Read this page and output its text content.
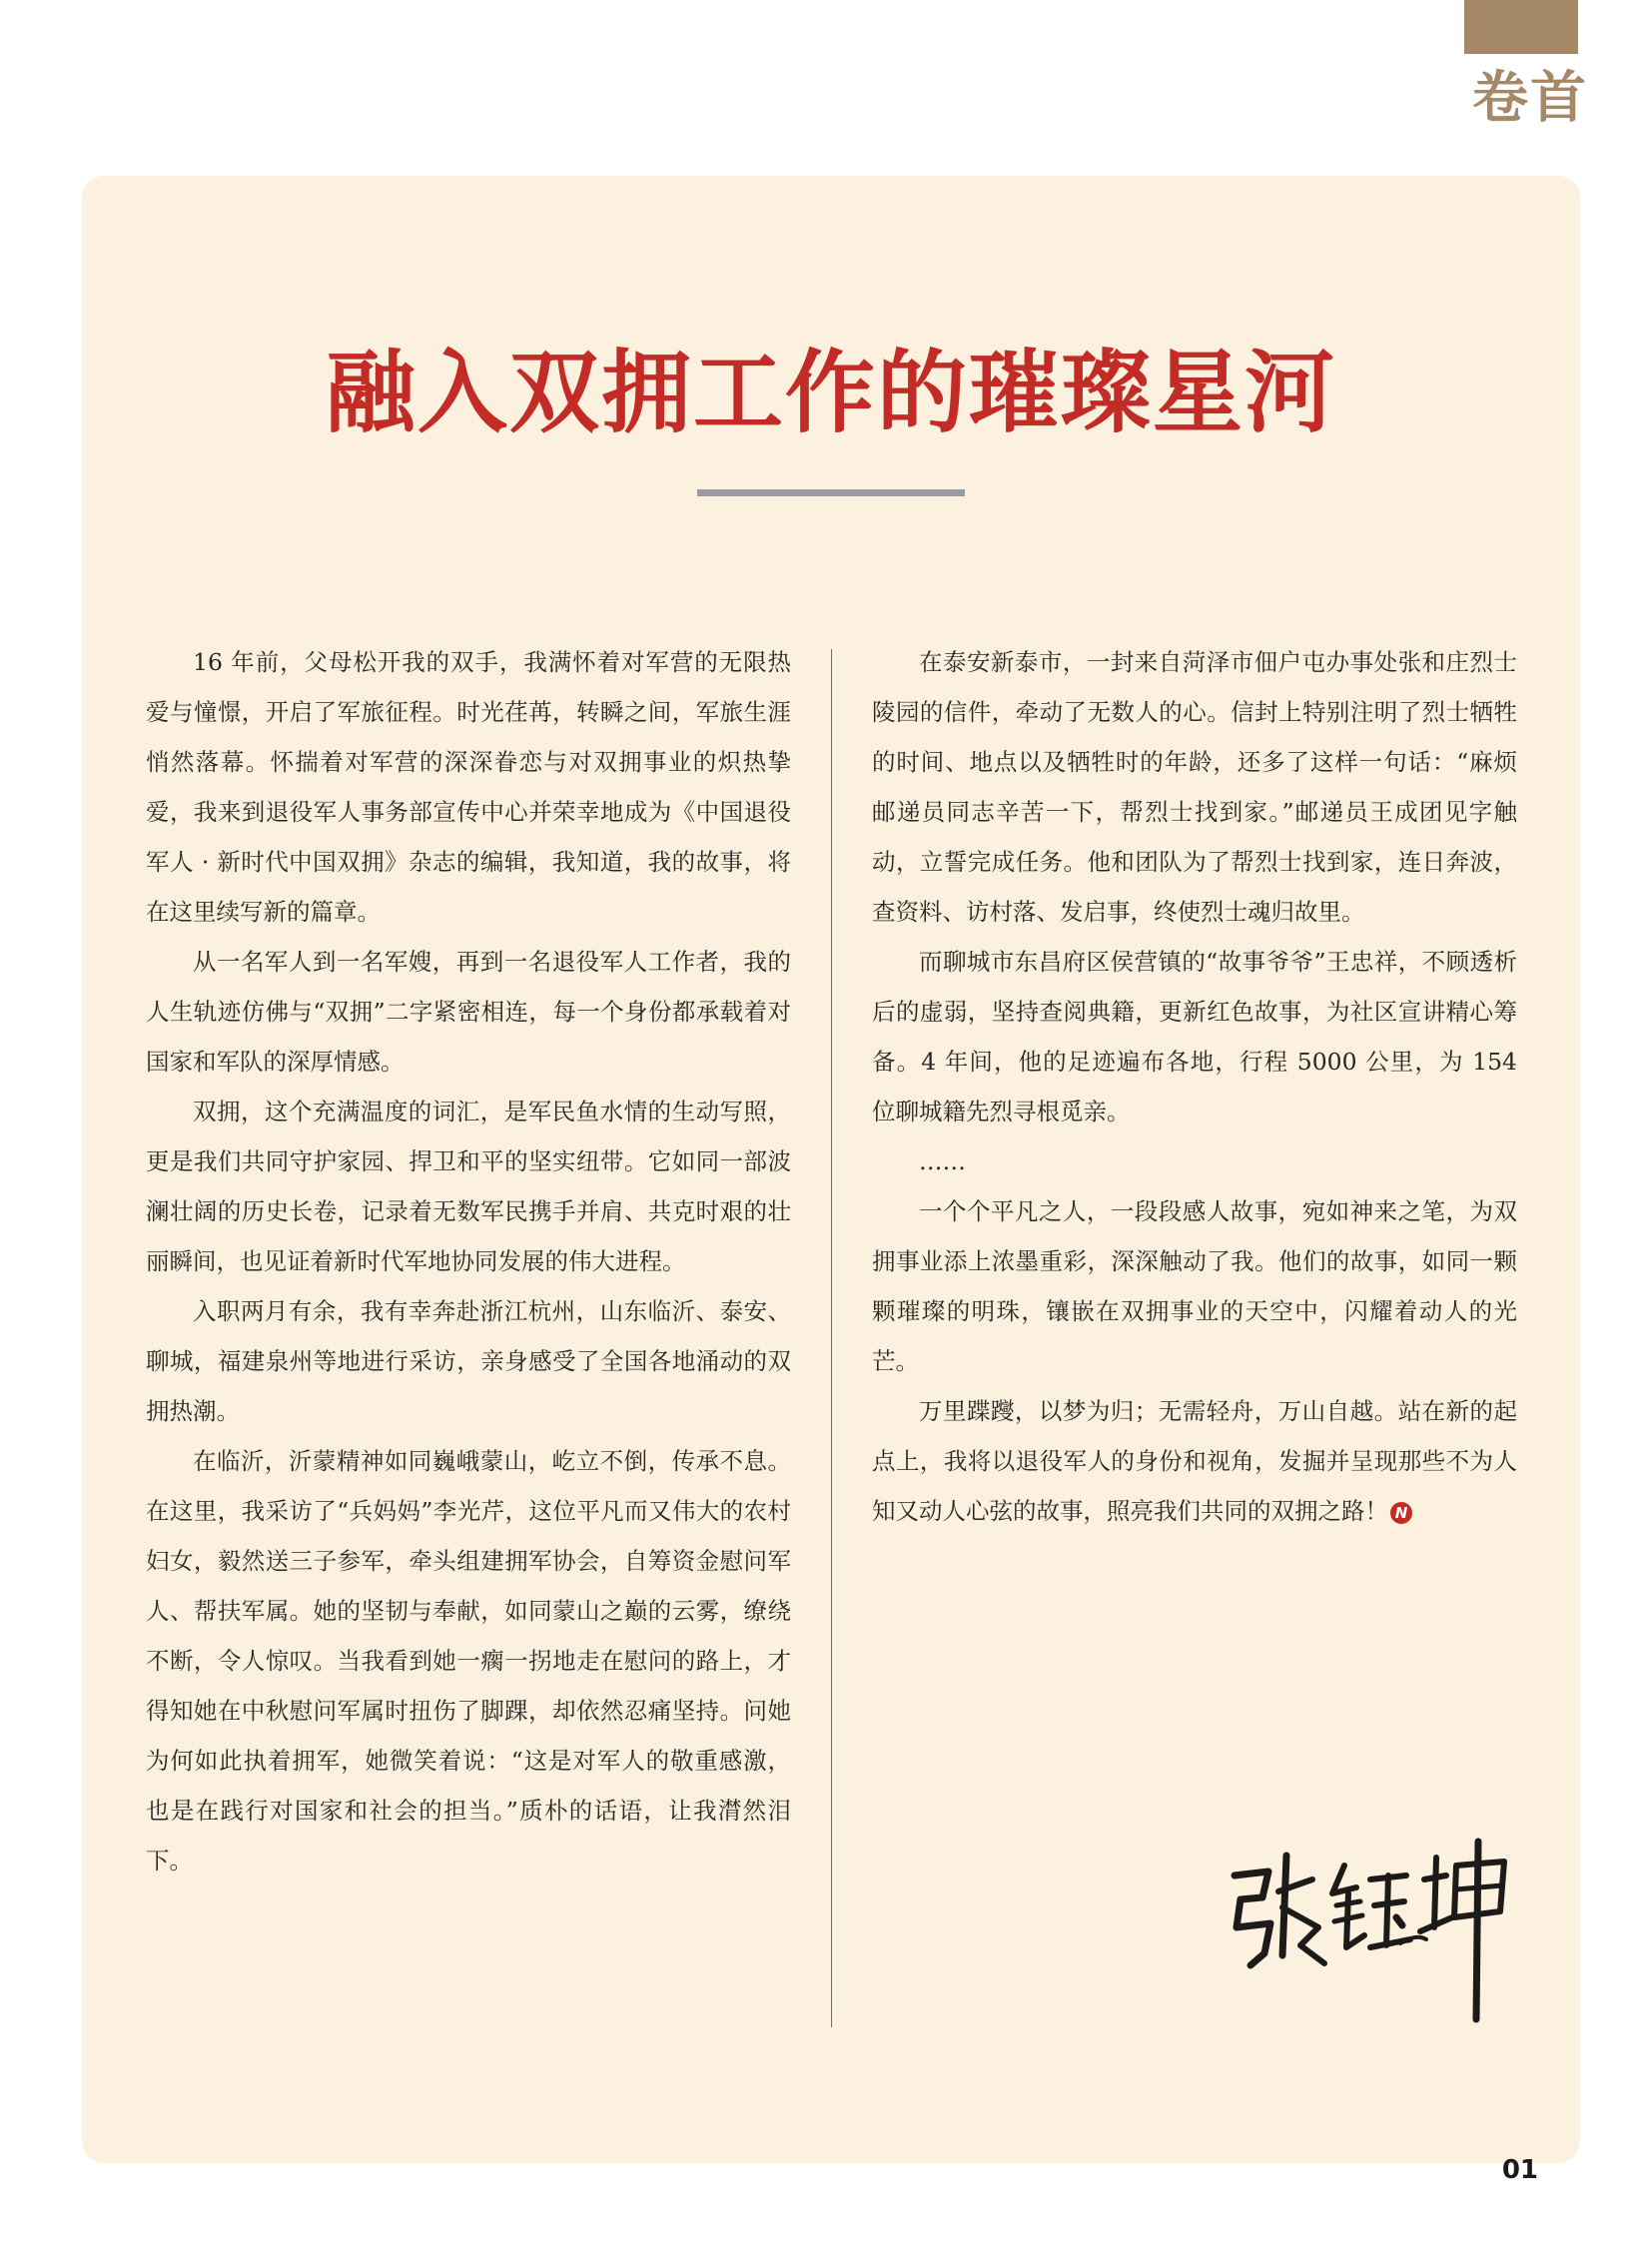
卷首
融入双拥工作的璀璨星河

16 年前，父母松开我的双手，我满怀着对军营的无限热爱与憧憬，开启了军旅征程。时光荏苒，转瞬之间，军旅生涯悄然落幕。怀揣着对军营的深深眷恋与对双拥事业的炽热挚爱，我来到退役军人事务部宣传中心并荣幸地成为《中国退役军人 · 新时代中国双拥》杂志的编辑，我知道，我的故事，将在这里续写新的篇章。

从一名军人到一名军嫂，再到一名退役军人工作者，我的人生轨迹仿佛与“双拥”二字紧密相连，每一个身份都承载着对国家和军队的深厚情感。

双拥，这个充满温度的词汇，是军民鱼水情的生动写照，更是我们共同守护家园、捍卫和平的坚实纽带。它如同一部波澜壮阔的历史长卷，记录着无数军民携手并肩、共克时艰的壮丽瞬间，也见证着新时代军地协同发展的伟大进程。

入职两月有余，我有幸奔赴浙江杭州，山东临沂、泰安、聊城，福建泉州等地进行采访，亲身感受了全国各地涌动的双拥热潮。

在临沂，沂蒙精神如同巍峨蒙山，屹立不倒，传承不息。在这里，我采访了“兵妈妈”李光芹，这位平凡而又伟大的农村妇女，毅然送三子参军，牵头组建拥军协会，自筹资金慰问军人、帮扶军属。她的坚韧与奉献，如同蒙山之巅的云雾，缭绕不断，令人惊叹。当我看到她一瘸一拐地走在慰问的路上，才得知她在中秋慰问军属时扭伤了脚踝，却依然忍痛坚持。问她为何如此执着拥军，她微笑着说：“这是对军人的敬重感激，也是在践行对国家和社会的担当。”质朴的话语，让我潸然泪下。

在泰安新泰市，一封来自菏泽市佃户屯办事处张和庄烈士陵园的信件，牵动了无数人的心。信封上特别注明了烈士牺牲的时间、地点以及牺牲时的年龄，还多了这样一句话：“麻烦邮递员同志辛苦一下，帮烈士找到家。”邮递员王成团见字触动，立誓完成任务。他和团队为了帮烈士找到家，连日奔波，查资料、访村落、发启事，终使烈士魂归故里。

而聊城市东昌府区侯营镇的“故事爷爷”王忠祥，不顾透析后的虚弱，坚持查阅典籍，更新红色故事，为社区宣讲精心筹备。4 年间，他的足迹遍布各地，行程 5000 公里，为 154 位聊城籍先烈寻根觅亲。

……

一个个平凡之人，一段段感人故事，宛如神来之笔，为双拥事业添上浓墨重彩，深深触动了我。他们的故事，如同一颗颗璀璨的明珠，镶嵌在双拥事业的天空中，闪耀着动人的光芒。

万里蹀躞，以梦为归；无需轻舟，万山自越。站在新的起点上，我将以退役军人的身份和视角，发掘并呈现那些不为人知又动人心弦的故事，照亮我们共同的双拥之路！ N

01
